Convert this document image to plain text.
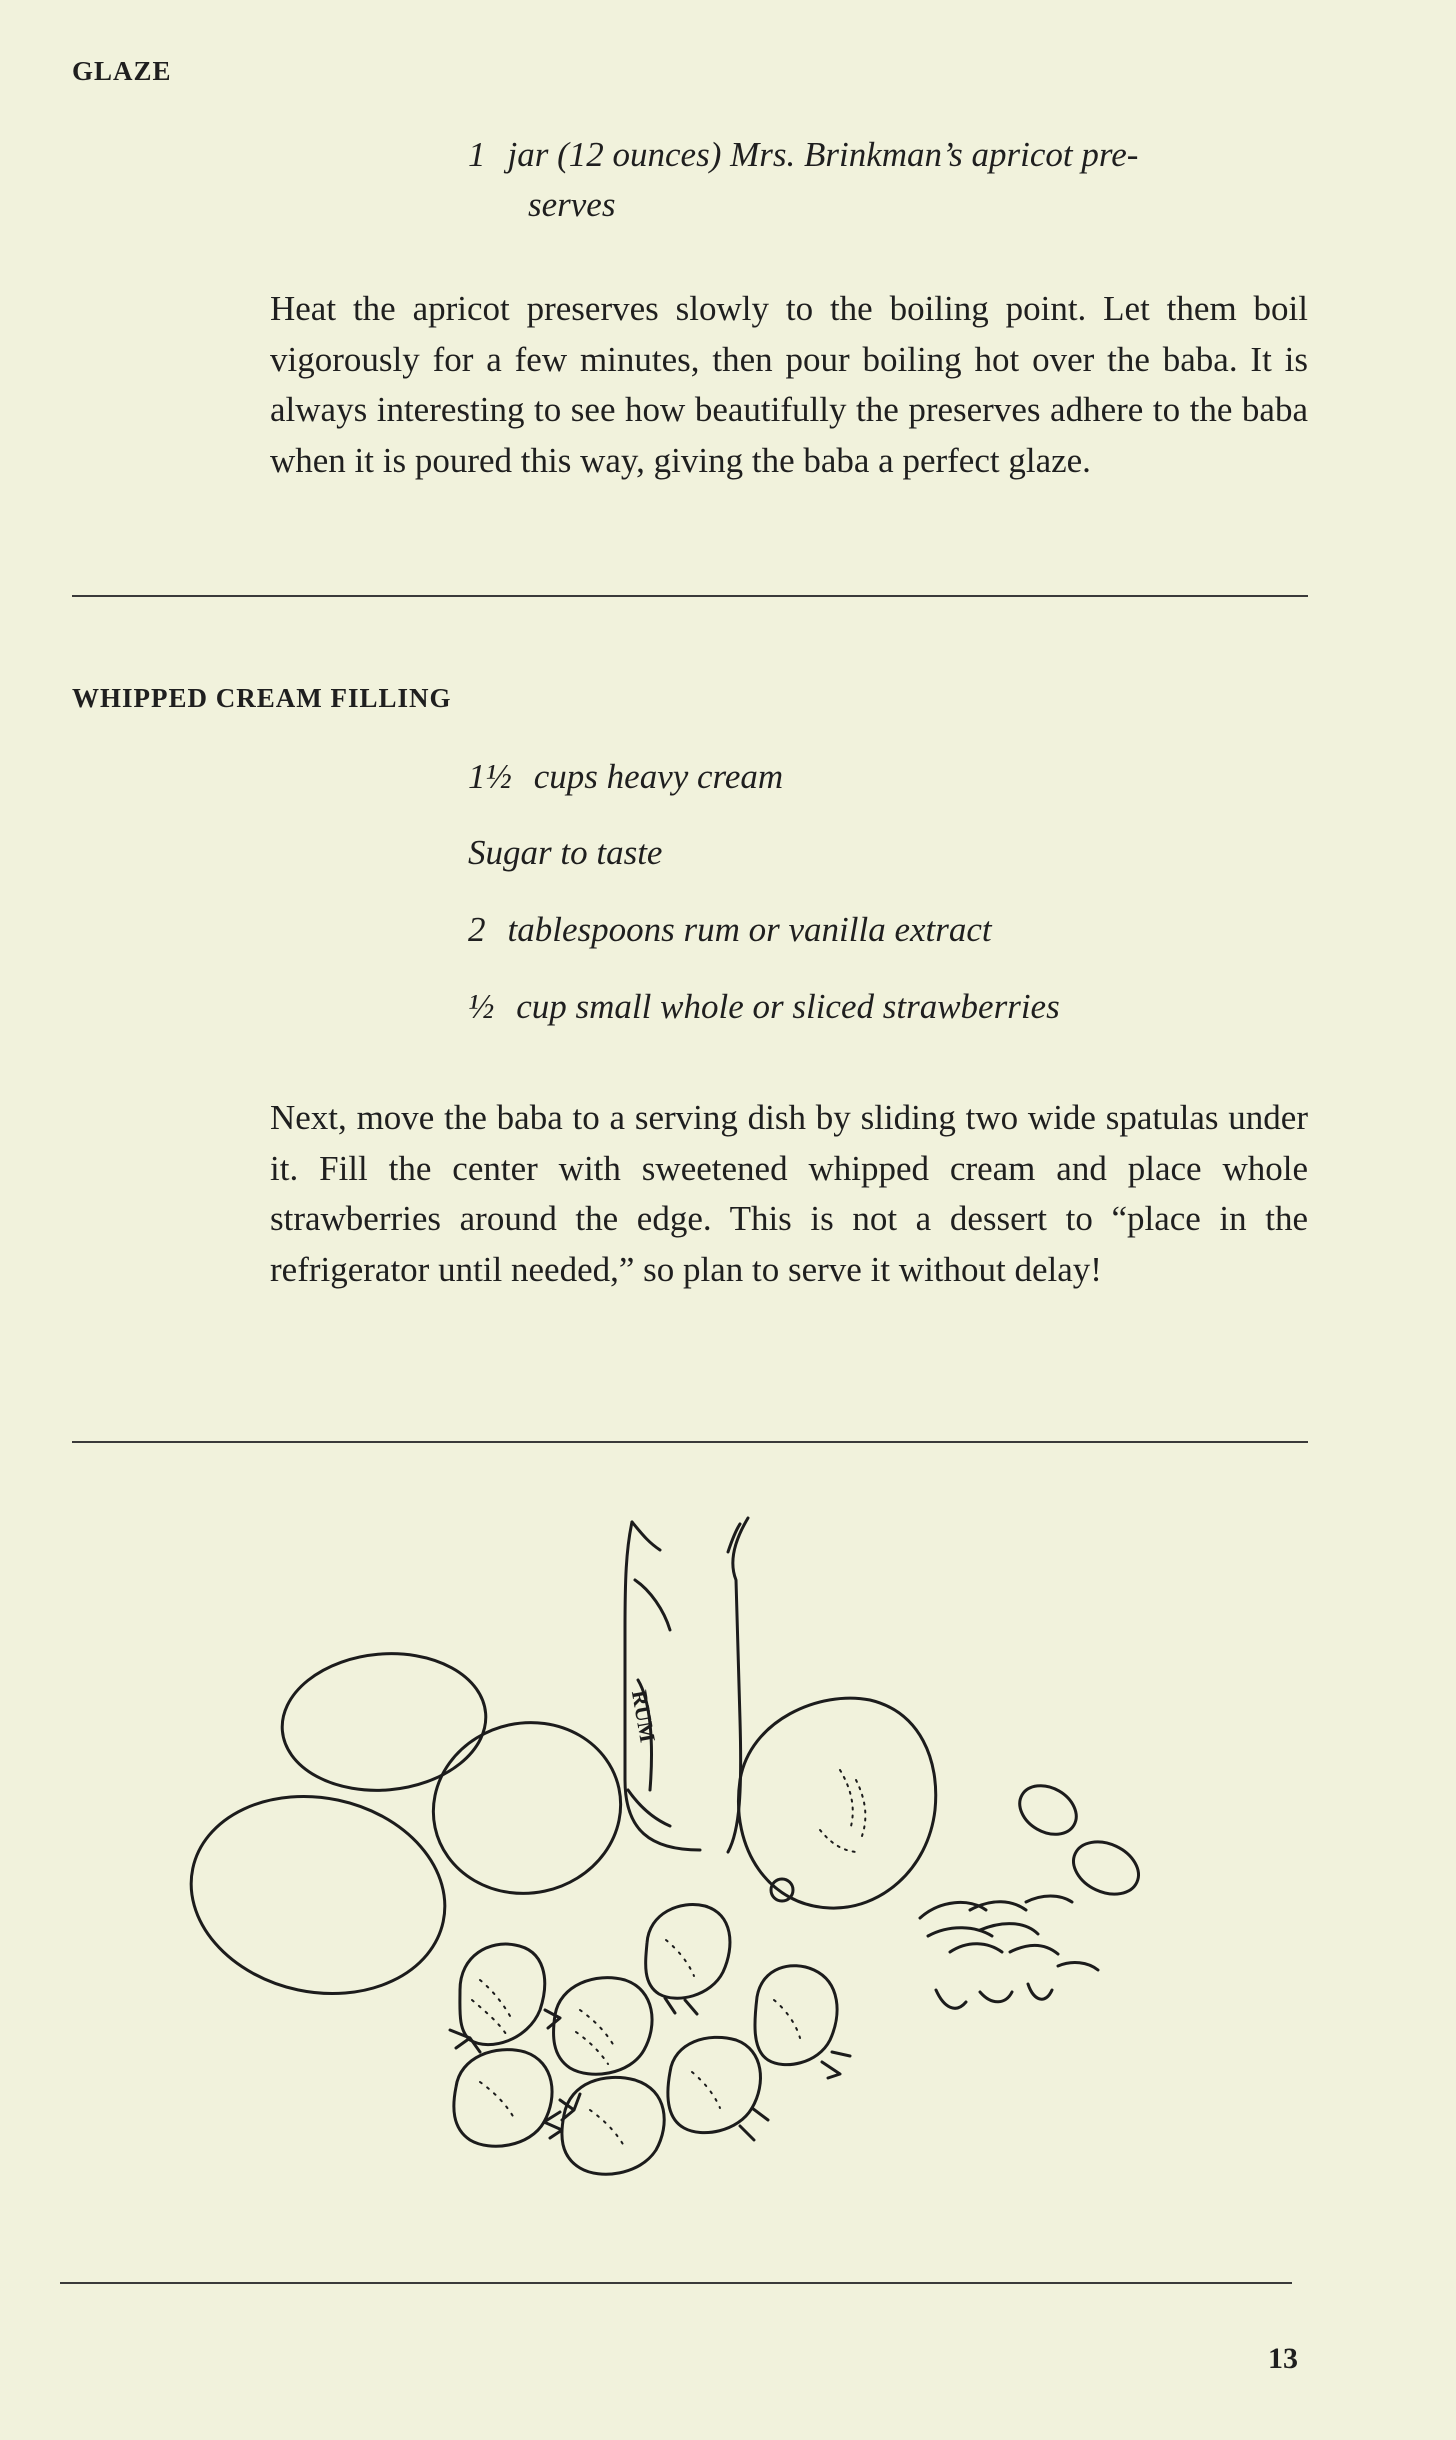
GLAZE
1 jar (12 ounces) Mrs. Brinkman’s apricot pre-
serves
Heat the apricot preserves slowly to the boiling point. Let them boil vigorously for a few minutes, then pour boiling hot over the baba. It is always interesting to see how beautifully the preserves adhere to the baba when it is poured this way, giving the baba a perfect glaze.
WHIPPED CREAM FILLING
1½ cups heavy cream
Sugar to taste
2 tablespoons rum or vanilla extract
½ cup small whole or sliced strawberries
Next, move the baba to a serving dish by sliding two wide spatulas under it. Fill the center with sweetened whipped cream and place whole strawberries around the edge. This is not a dessert to “place in the refrigerator until needed,” so plan to serve it without delay!
RUM
13
